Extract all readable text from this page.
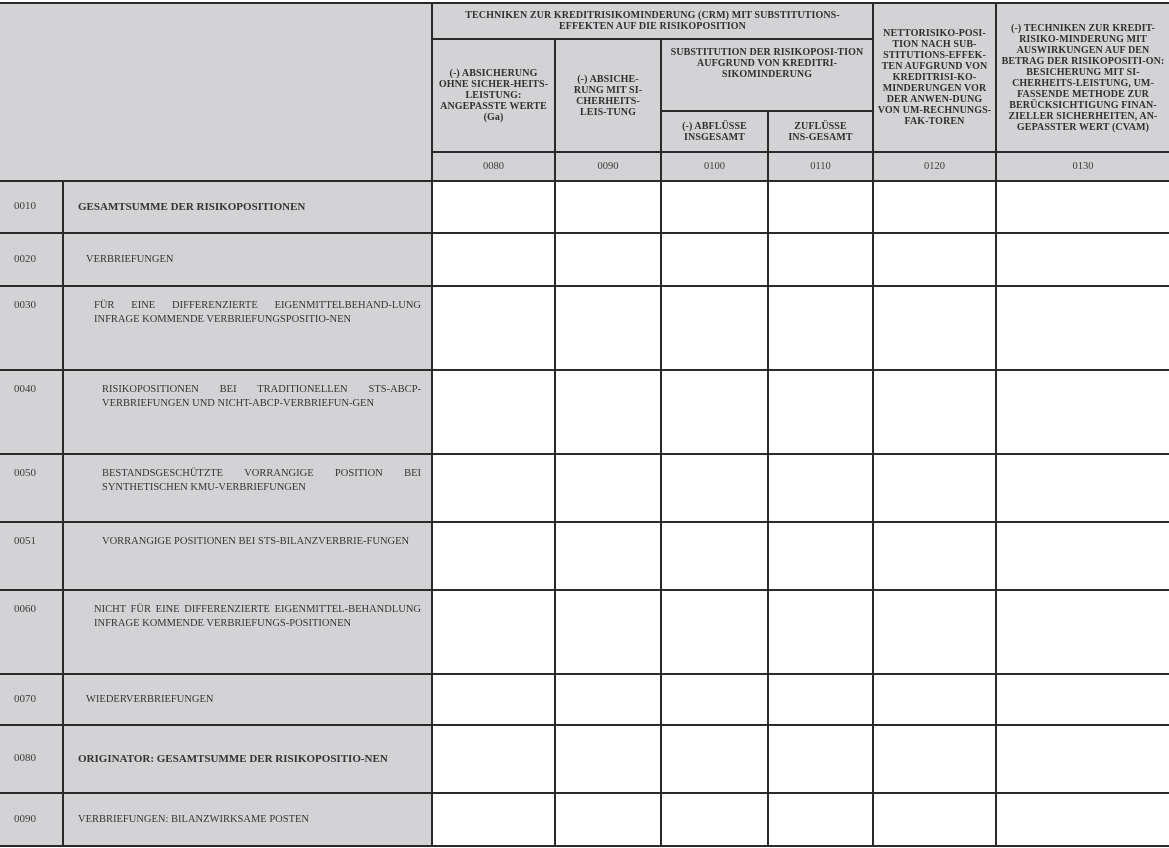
TECHNIKEN ZUR KREDITRISIKOMINDERUNG (CRM) MIT SUBSTITUTIONS-EFFEKTEN AUF DIE RISIKOPOSITION
(-) ABSICHERUNG OHNE SICHER-HEITS-LEISTUNG: ANGEPASSTE WERTE (Ga)
(-) ABSICHE-RUNG MIT SI-CHERHEITS-LEIS-TUNG
SUBSTITUTION DER RISIKOPOSI-TION AUFGRUND VON KREDITRI-SIKOMINDERUNG
(-) ABFLÜSSE INSGESAMT
ZUFLÜSSE INS-GESAMT
NETTORISIKO-POSI-TION NACH SUB-STITUTIONS-EFFEK-TEN AUFGRUND VON KREDITRISI-KO-MINDERUNGEN VOR DER ANWEN-DUNG VON UM-RECHNUNGS-FAK-TOREN
(-) TECHNIKEN ZUR KREDIT-RISIKO-MINDERUNG MIT AUSWIRKUNGEN AUF DEN BETRAG DER RISIKOPOSITI-ON: BESICHERUNG MIT SI-CHERHEITS-LEISTUNG, UM-FASSENDE METHODE ZUR BERÜCKSICHTIGUNG FINAN-ZIELLER SICHERHEITEN, AN-GEPASSTER WERT (CVAM)
0080	0090	0100	0110	0120	0130
0010	GESAMTSUMME DER RISIKOPOSITIONEN
0020	VERBRIEFUNGEN
0030	FÜR EINE DIFFERENZIERTE EIGENMITTELBEHAND-LUNG INFRAGE KOMMENDE VERBRIEFUNGSPOSITIO-NEN
0040	RISIKOPOSITIONEN BEI TRADITIONELLEN STS-ABCP-VERBRIEFUNGEN UND NICHT-ABCP-VERBRIEFUN-GEN
0050	BESTANDSGESCHÜTZTE VORRANGIGE POSITION BEI SYNTHETISCHEN KMU-VERBRIEFUNGEN
0051	VORRANGIGE POSITIONEN BEI STS-BILANZVERBRIE-FUNGEN
0060	NICHT FÜR EINE DIFFERENZIERTE EIGENMITTEL-BEHANDLUNG INFRAGE KOMMENDE VERBRIEFUNGS-POSITIONEN
0070	WIEDERVERBRIEFUNGEN
0080	ORIGINATOR: GESAMTSUMME DER RISIKOPOSITIO-NEN
0090	VERBRIEFUNGEN: BILANZWIRKSAME POSTEN
